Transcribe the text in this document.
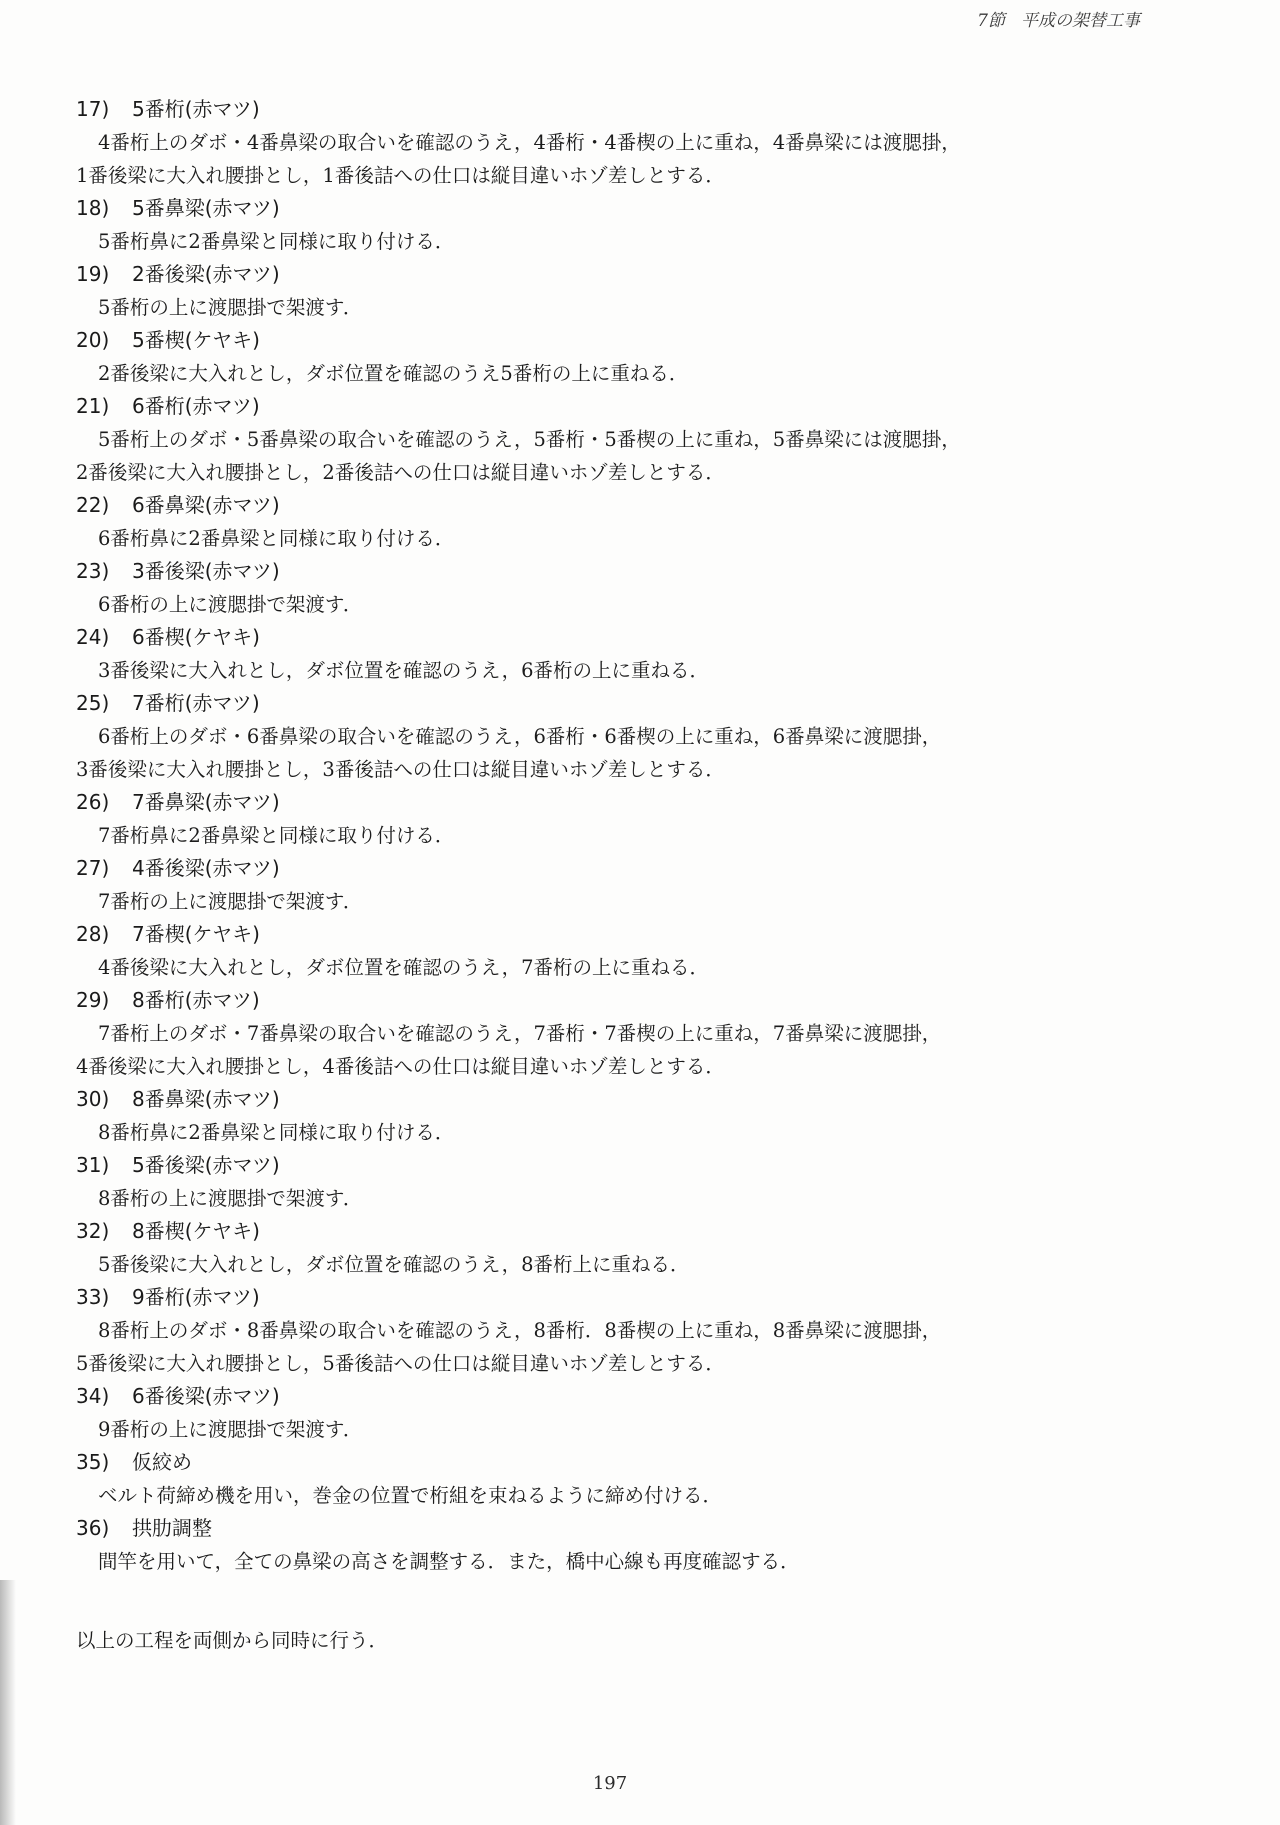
7節 平成の架替工事
17) 5番桁(赤マツ)
4番桁上のダボ・4番鼻梁の取合いを確認のうえ，4番桁・4番楔の上に重ね，4番鼻梁には渡腮掛，
1番後梁に大入れ腰掛とし，1番後詰への仕口は縦目違いホゾ差しとする．
18) 5番鼻梁(赤マツ)
5番桁鼻に2番鼻梁と同様に取り付ける．
19) 2番後梁(赤マツ)
5番桁の上に渡腮掛で架渡す．
20) 5番楔(ケヤキ)
2番後梁に大入れとし，ダボ位置を確認のうえ5番桁の上に重ねる．
21) 6番桁(赤マツ)
5番桁上のダボ・5番鼻梁の取合いを確認のうえ，5番桁・5番楔の上に重ね，5番鼻梁には渡腮掛，
2番後梁に大入れ腰掛とし，2番後詰への仕口は縦目違いホゾ差しとする．
22) 6番鼻梁(赤マツ)
6番桁鼻に2番鼻梁と同様に取り付ける．
23) 3番後梁(赤マツ)
6番桁の上に渡腮掛で架渡す．
24) 6番楔(ケヤキ)
3番後梁に大入れとし，ダボ位置を確認のうえ，6番桁の上に重ねる．
25) 7番桁(赤マツ)
6番桁上のダボ・6番鼻梁の取合いを確認のうえ，6番桁・6番楔の上に重ね，6番鼻梁に渡腮掛，
3番後梁に大入れ腰掛とし，3番後詰への仕口は縦目違いホゾ差しとする．
26) 7番鼻梁(赤マツ)
7番桁鼻に2番鼻梁と同様に取り付ける．
27) 4番後梁(赤マツ)
7番桁の上に渡腮掛で架渡す．
28) 7番楔(ケヤキ)
4番後梁に大入れとし，ダボ位置を確認のうえ，7番桁の上に重ねる．
29) 8番桁(赤マツ)
7番桁上のダボ・7番鼻梁の取合いを確認のうえ，7番桁・7番楔の上に重ね，7番鼻梁に渡腮掛，
4番後梁に大入れ腰掛とし，4番後詰への仕口は縦目違いホゾ差しとする．
30) 8番鼻梁(赤マツ)
8番桁鼻に2番鼻梁と同様に取り付ける．
31) 5番後梁(赤マツ)
8番桁の上に渡腮掛で架渡す．
32) 8番楔(ケヤキ)
5番後梁に大入れとし，ダボ位置を確認のうえ，8番桁上に重ねる．
33) 9番桁(赤マツ)
8番桁上のダボ・8番鼻梁の取合いを確認のうえ，8番桁．8番楔の上に重ね，8番鼻梁に渡腮掛，
5番後梁に大入れ腰掛とし，5番後詰への仕口は縦目違いホゾ差しとする．
34) 6番後梁(赤マツ)
9番桁の上に渡腮掛で架渡す．
35) 仮絞め
ベルト荷締め機を用い，巻金の位置で桁組を束ねるように締め付ける．
36) 拱肋調整
間竿を用いて，全ての鼻梁の高さを調整する．また，橋中心線も再度確認する．
以上の工程を両側から同時に行う．
197
